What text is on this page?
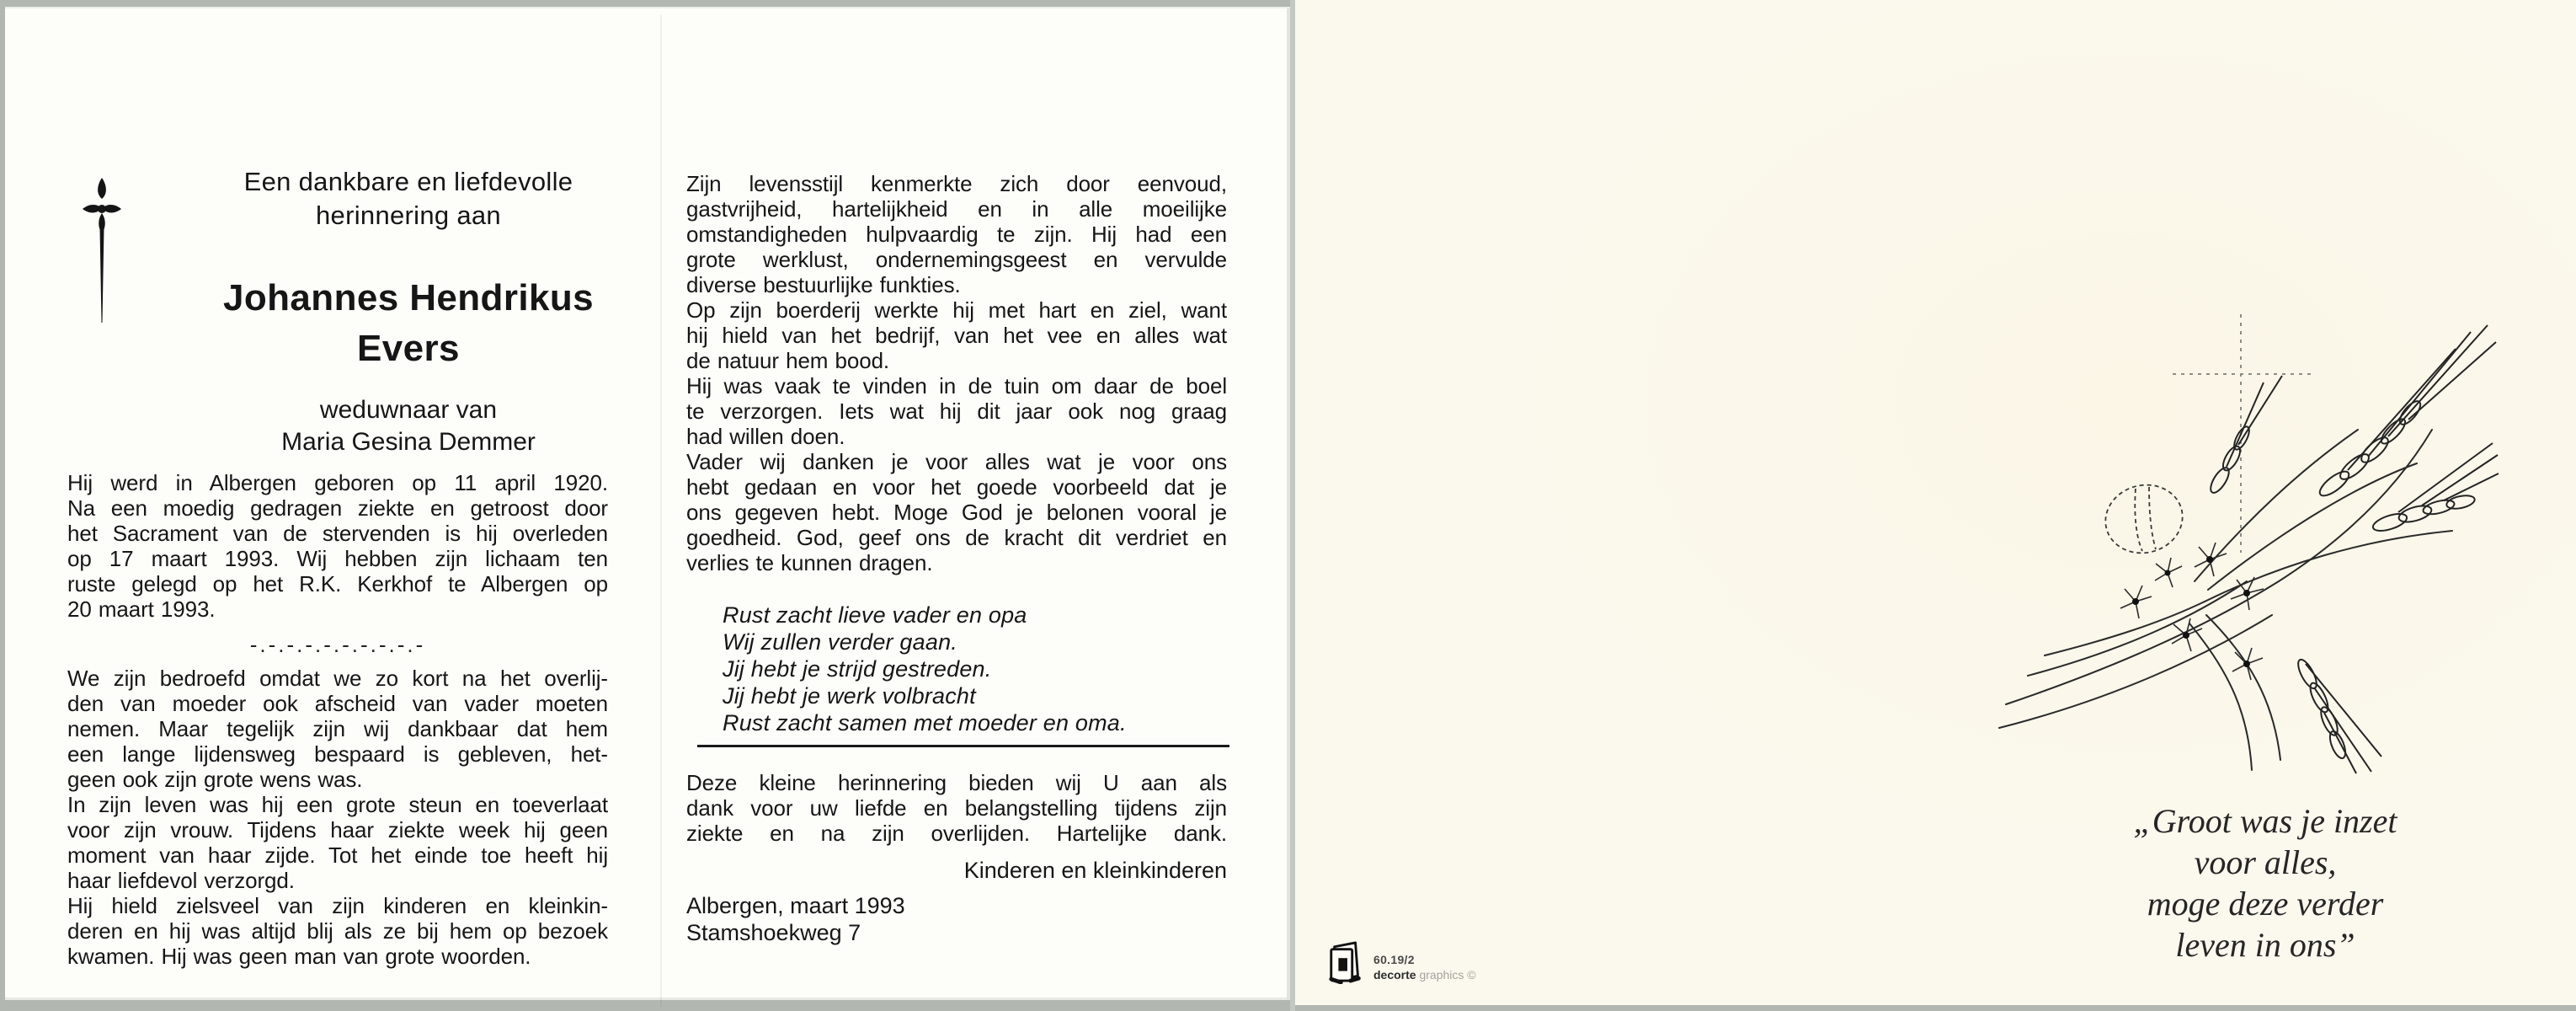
Een dankbare en liefdevolle
herinnering aan
Johannes Hendrikus
Evers
weduwnaar van
Maria Gesina Demmer
Hij werd in Albergen geboren op 11 april 1920.
Na een moedig gedragen ziekte en getroost door
het Sacrament van de stervenden is hij overleden
op 17 maart 1993. Wij hebben zijn lichaam ten
ruste gelegd op het R.K. Kerkhof te Albergen op
20 maart 1993.
-.-.-.-.-.-.-.-.-.-
We zijn bedroefd omdat we zo kort na het overlij-
den van moeder ook afscheid van vader moeten
nemen. Maar tegelijk zijn wij dankbaar dat hem
een lange lijdensweg bespaard is gebleven, het-
geen ook zijn grote wens was.
In zijn leven was hij een grote steun en toeverlaat
voor zijn vrouw. Tijdens haar ziekte week hij geen
moment van haar zijde. Tot het einde toe heeft hij
haar liefdevol verzorgd.
Hij hield zielsveel van zijn kinderen en kleinkin-
deren en hij was altijd blij als ze bij hem op bezoek
kwamen. Hij was geen man van grote woorden.
Zijn levensstijl kenmerkte zich door eenvoud,
gastvrijheid, hartelijkheid en in alle moeilijke
omstandigheden hulpvaardig te zijn. Hij had een
grote werklust, ondernemingsgeest en vervulde
diverse bestuurlijke funkties.
Op zijn boerderij werkte hij met hart en ziel, want
hij hield van het bedrijf, van het vee en alles wat
de natuur hem bood.
Hij was vaak te vinden in de tuin om daar de boel
te verzorgen. Iets wat hij dit jaar ook nog graag
had willen doen.
Vader wij danken je voor alles wat je voor ons
hebt gedaan en voor het goede voorbeeld dat je
ons gegeven hebt. Moge God je belonen vooral je
goedheid. God, geef ons de kracht dit verdriet en
verlies te kunnen dragen.
Rust zacht lieve vader en opa
Wij zullen verder gaan.
Jij hebt je strijd gestreden.
Jij hebt je werk volbracht
Rust zacht samen met moeder en oma.
Deze kleine herinnering bieden wij U aan als
dank voor uw liefde en belangstelling tijdens zijn
ziekte en na zijn overlijden. Hartelijke dank.
Kinderen en kleinkinderen
Albergen, maart 1993
Stamshoekweg 7
„Groot was je inzet
voor alles,
moge deze verder
leven in ons”
60.19/2
decorte graphics ©
